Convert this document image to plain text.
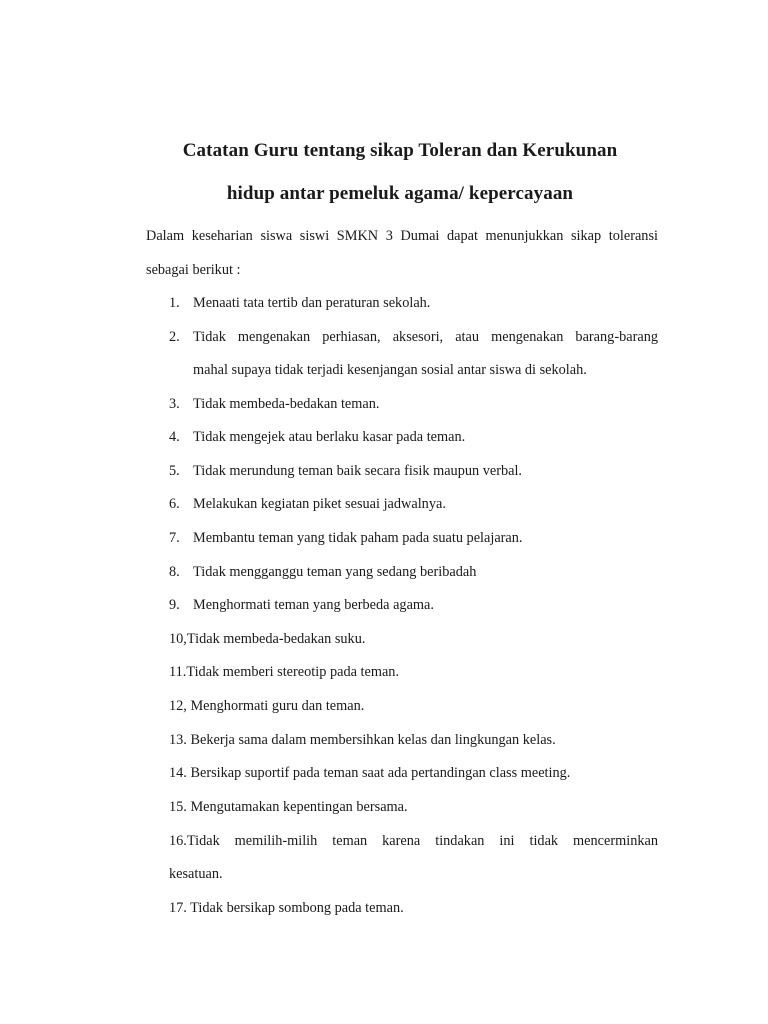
Catatan Guru tentang sikap Toleran dan Kerukunan
hidup antar pemeluk agama/ kepercayaan
Dalam keseharian siswa siswi SMKN 3 Dumai dapat menunjukkan sikap toleransi
sebagai berikut :
1. Menaati tata tertib dan peraturan sekolah.
2. Tidak mengenakan perhiasan, aksesori, atau mengenakan barang-barang
mahal supaya tidak terjadi kesenjangan sosial antar siswa di sekolah.
3. Tidak membeda-bedakan teman.
4. Tidak mengejek atau berlaku kasar pada teman.
5. Tidak merundung teman baik secara fisik maupun verbal.
6. Melakukan kegiatan piket sesuai jadwalnya.
7. Membantu teman yang tidak paham pada suatu pelajaran.
8. Tidak mengganggu teman yang sedang beribadah
9. Menghormati teman yang berbeda agama.
10,Tidak membeda-bedakan suku.
11.Tidak memberi stereotip pada teman.
12, Menghormati guru dan teman.
13. Bekerja sama dalam membersihkan kelas dan lingkungan kelas.
14. Bersikap suportif pada teman saat ada pertandingan class meeting.
15. Mengutamakan kepentingan bersama.
16.Tidak memilih-milih teman karena tindakan ini tidak mencerminkan
kesatuan.
17. Tidak bersikap sombong pada teman.
